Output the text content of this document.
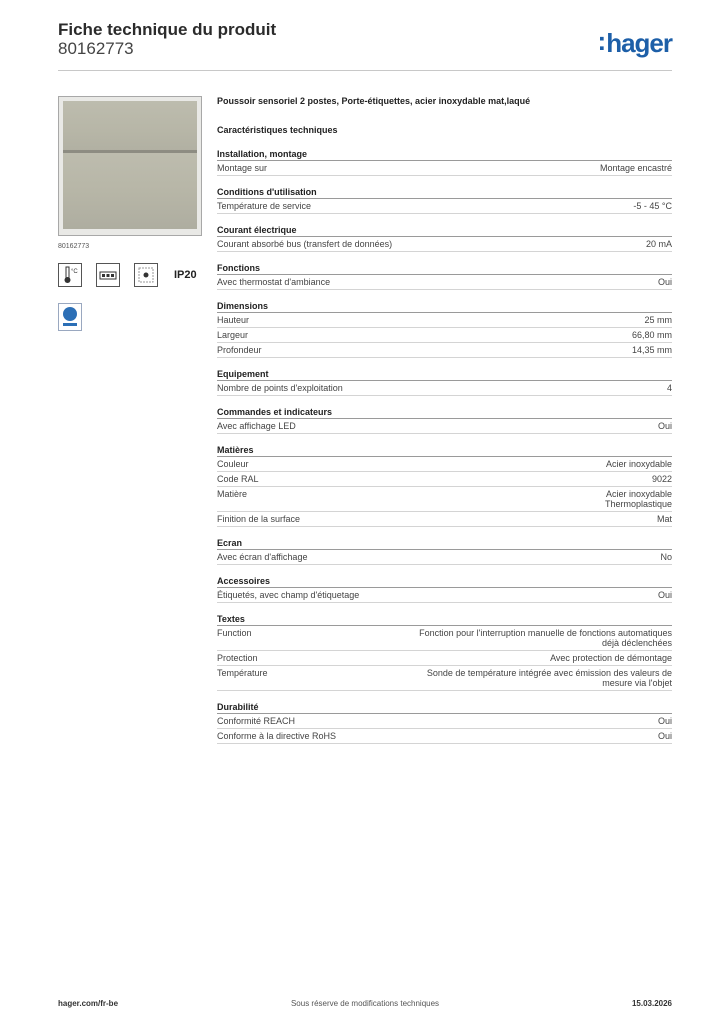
Fiche technique du produit
80162773	:hager
80162773
°C	IP20
Poussoir sensoriel 2 postes, Porte-étiquettes, acier inoxydable mat,laqué
Caractéristiques techniques
Installation, montage
Montage sur	Montage encastré
Conditions d'utilisation
Température de service	-5 - 45 °C
Courant électrique
Courant absorbé bus (transfert de données)	20 mA
Fonctions
Avec thermostat d'ambiance	Oui
Dimensions
Hauteur	25 mm
Largeur	66,80 mm
Profondeur	14,35 mm
Equipement
Nombre de points d'exploitation	4
Commandes et indicateurs
Avec affichage LED	Oui
Matières
Couleur	Acier inoxydable
Code RAL	9022
Matière	Acier inoxydable
Thermoplastique
Finition de la surface	Mat
Ecran
Avec écran d'affichage	No
Accessoires
Étiquetés, avec champ d'étiquetage	Oui
Textes
Function	Fonction pour l'interruption manuelle de fonctions automatiques déjà déclenchées
Protection	Avec protection de démontage
Température	Sonde de température intégrée avec émission des valeurs de mesure via l'objet
Durabilité
Conformité REACH	Oui
Conforme à la directive RoHS	Oui
hager.com/fr-be	Sous réserve de modifications techniques	15.03.2026
